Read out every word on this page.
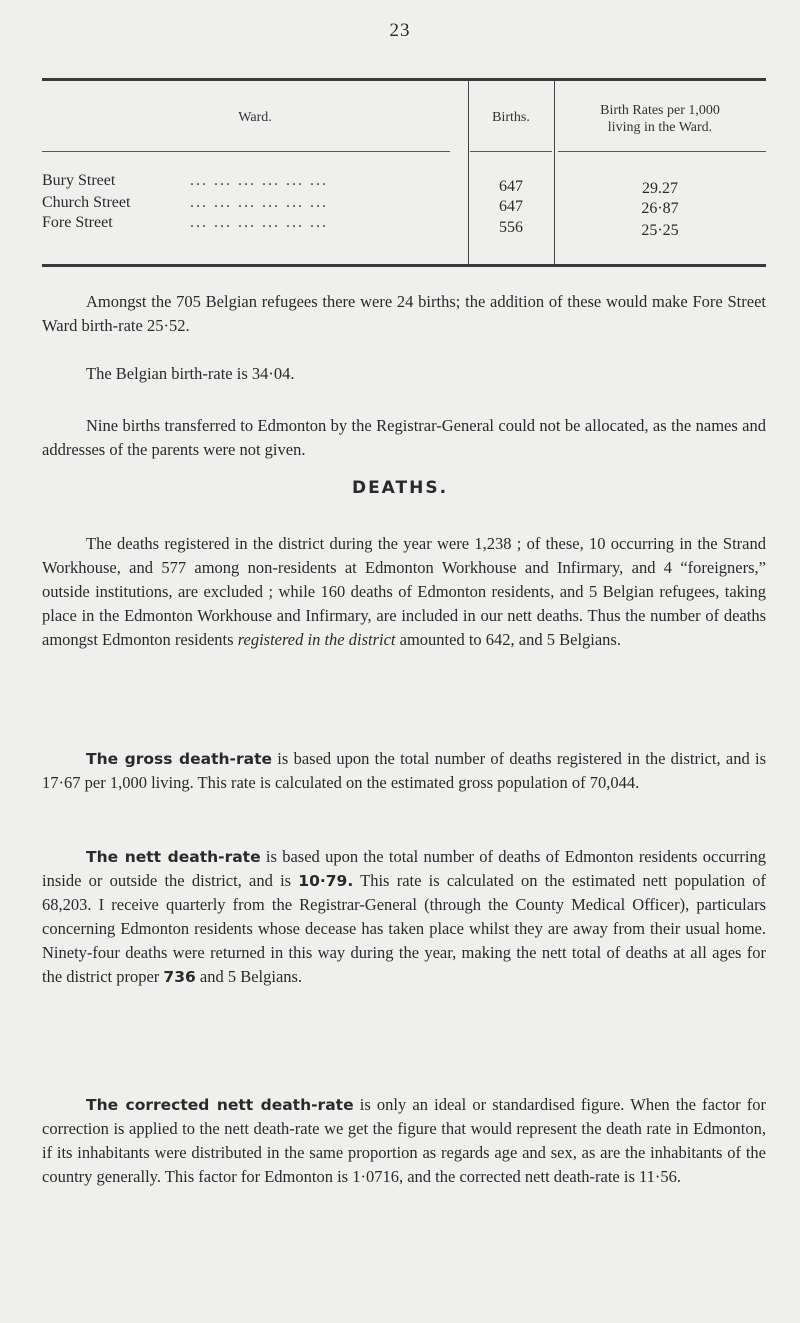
23
Ward.	Births.	Birth Rates per 1,000
living in the Ward.
Bury Street	... ... ... ... ... ...	647	29.27
Church Street	... ... ... ... ... ...	647	26·87
Fore Street	... ... ... ... ... ...	556	25·25
Amongst the 705 Belgian refugees there were 24 births; the addition of these would make Fore Street Ward birth-rate 25·52.
The Belgian birth-rate is 34·04.
Nine births transferred to Edmonton by the Registrar-General could not be allocated, as the names and addresses of the parents were not given.
DEATHS.
The deaths registered in the district during the year were 1,238 ; of these, 10 occurring in the Strand Workhouse, and 577 among non-residents at Edmonton Workhouse and Infirmary, and 4 “foreigners,” outside institutions, are excluded ; while 160 deaths of Edmonton residents, and 5 Belgian refugees, taking place in the Edmonton Workhouse and Infirmary, are included in our nett deaths. Thus the number of deaths amongst Edmonton residents registered in the district amounted to 642, and 5 Belgians.
The gross death-rate is based upon the total number of deaths registered in the district, and is 17·67 per 1,000 living. This rate is calculated on the estimated gross population of 70,044.
The nett death-rate is based upon the total number of deaths of Edmonton residents occurring inside or outside the district, and is 10·79. This rate is calculated on the estimated nett population of 68,203. I receive quarterly from the Registrar-General (through the County Medical Officer), particulars concerning Edmonton residents whose decease has taken place whilst they are away from their usual home. Ninety-four deaths were returned in this way during the year, making the nett total of deaths at all ages for the district proper 736 and 5 Belgians.
The corrected nett death-rate is only an ideal or standardised figure. When the factor for correction is applied to the nett death-rate we get the figure that would represent the death rate in Edmonton, if its inhabitants were distributed in the same proportion as regards age and sex, as are the inhabitants of the country generally. This factor for Edmonton is 1·0716, and the corrected nett death-rate is 11·56.
